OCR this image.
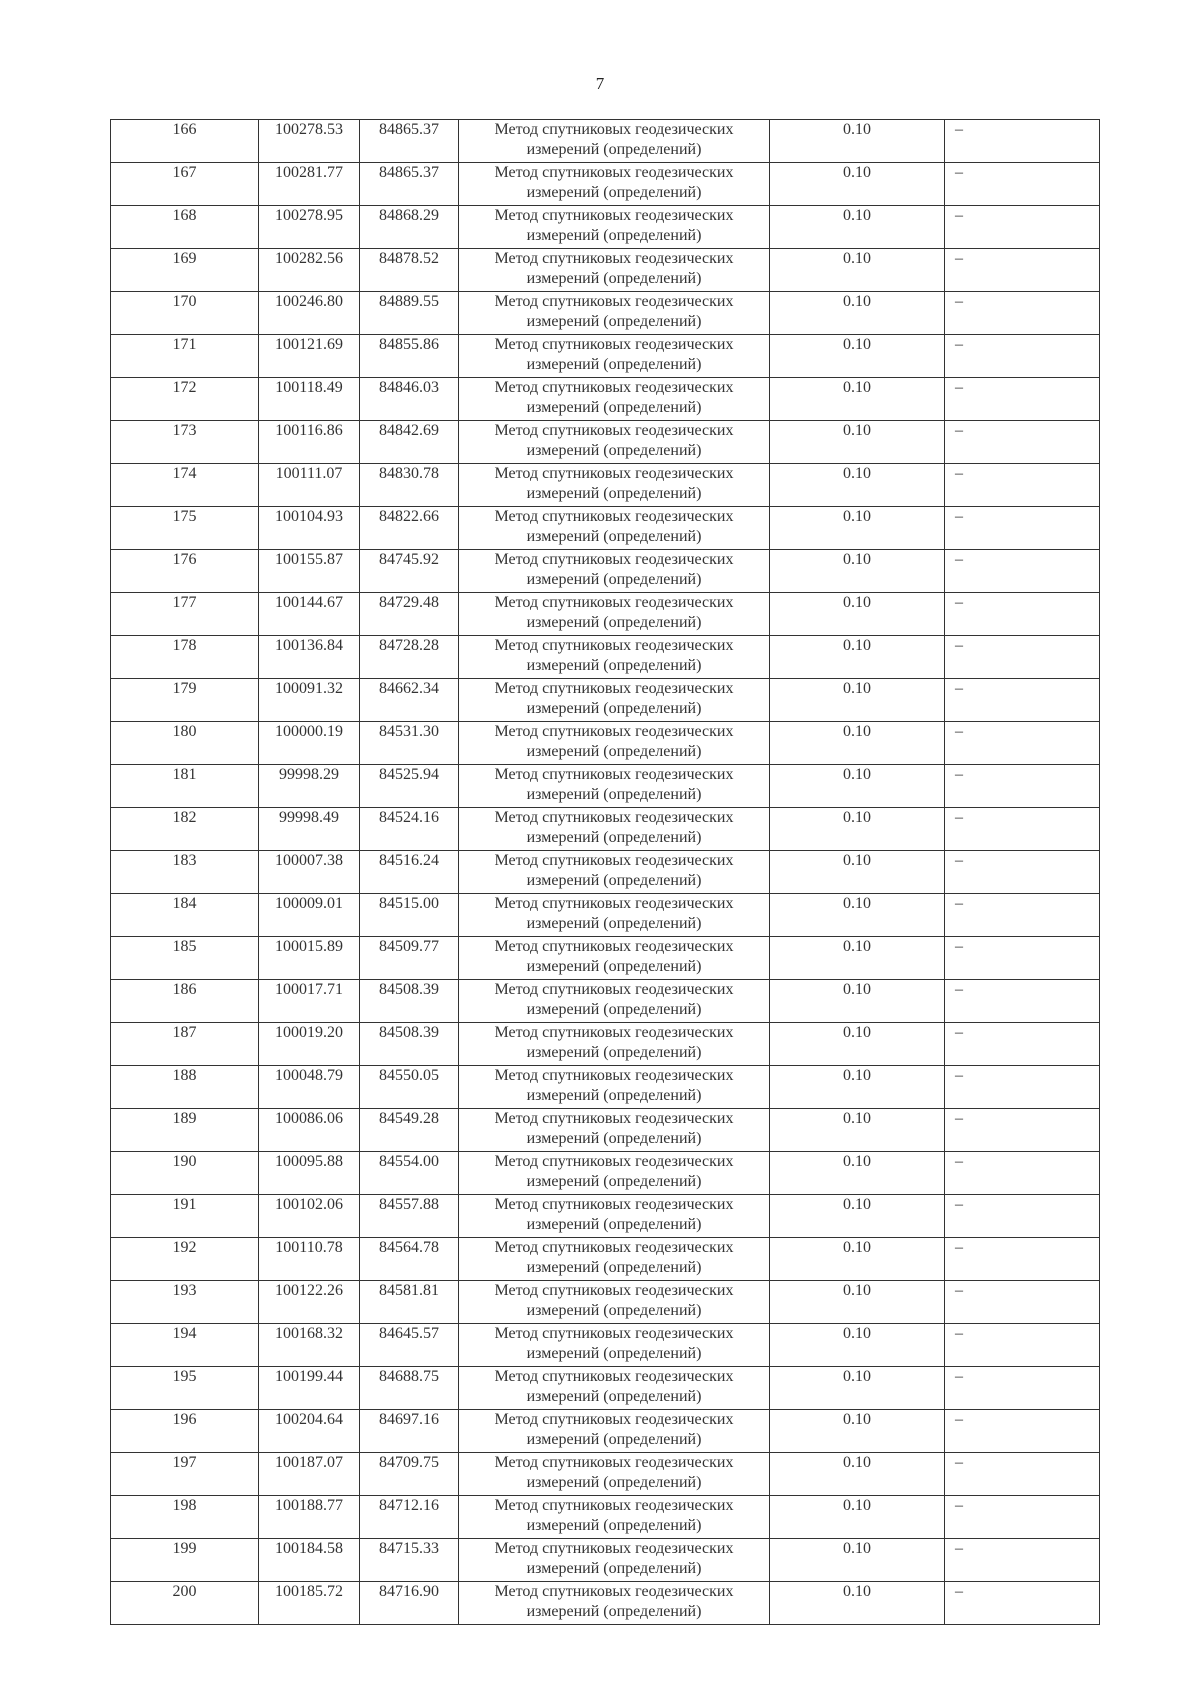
7
166	100278.53	84865.37	Метод спутниковых геодезических измерений (определений)	0.10	–
167	100281.77	84865.37	Метод спутниковых геодезических измерений (определений)	0.10	–
168	100278.95	84868.29	Метод спутниковых геодезических измерений (определений)	0.10	–
169	100282.56	84878.52	Метод спутниковых геодезических измерений (определений)	0.10	–
170	100246.80	84889.55	Метод спутниковых геодезических измерений (определений)	0.10	–
171	100121.69	84855.86	Метод спутниковых геодезических измерений (определений)	0.10	–
172	100118.49	84846.03	Метод спутниковых геодезических измерений (определений)	0.10	–
173	100116.86	84842.69	Метод спутниковых геодезических измерений (определений)	0.10	–
174	100111.07	84830.78	Метод спутниковых геодезических измерений (определений)	0.10	–
175	100104.93	84822.66	Метод спутниковых геодезических измерений (определений)	0.10	–
176	100155.87	84745.92	Метод спутниковых геодезических измерений (определений)	0.10	–
177	100144.67	84729.48	Метод спутниковых геодезических измерений (определений)	0.10	–
178	100136.84	84728.28	Метод спутниковых геодезических измерений (определений)	0.10	–
179	100091.32	84662.34	Метод спутниковых геодезических измерений (определений)	0.10	–
180	100000.19	84531.30	Метод спутниковых геодезических измерений (определений)	0.10	–
181	99998.29	84525.94	Метод спутниковых геодезических измерений (определений)	0.10	–
182	99998.49	84524.16	Метод спутниковых геодезических измерений (определений)	0.10	–
183	100007.38	84516.24	Метод спутниковых геодезических измерений (определений)	0.10	–
184	100009.01	84515.00	Метод спутниковых геодезических измерений (определений)	0.10	–
185	100015.89	84509.77	Метод спутниковых геодезических измерений (определений)	0.10	–
186	100017.71	84508.39	Метод спутниковых геодезических измерений (определений)	0.10	–
187	100019.20	84508.39	Метод спутниковых геодезических измерений (определений)	0.10	–
188	100048.79	84550.05	Метод спутниковых геодезических измерений (определений)	0.10	–
189	100086.06	84549.28	Метод спутниковых геодезических измерений (определений)	0.10	–
190	100095.88	84554.00	Метод спутниковых геодезических измерений (определений)	0.10	–
191	100102.06	84557.88	Метод спутниковых геодезических измерений (определений)	0.10	–
192	100110.78	84564.78	Метод спутниковых геодезических измерений (определений)	0.10	–
193	100122.26	84581.81	Метод спутниковых геодезических измерений (определений)	0.10	–
194	100168.32	84645.57	Метод спутниковых геодезических измерений (определений)	0.10	–
195	100199.44	84688.75	Метод спутниковых геодезических измерений (определений)	0.10	–
196	100204.64	84697.16	Метод спутниковых геодезических измерений (определений)	0.10	–
197	100187.07	84709.75	Метод спутниковых геодезических измерений (определений)	0.10	–
198	100188.77	84712.16	Метод спутниковых геодезических измерений (определений)	0.10	–
199	100184.58	84715.33	Метод спутниковых геодезических измерений (определений)	0.10	–
200	100185.72	84716.90	Метод спутниковых геодезических измерений (определений)	0.10	–
